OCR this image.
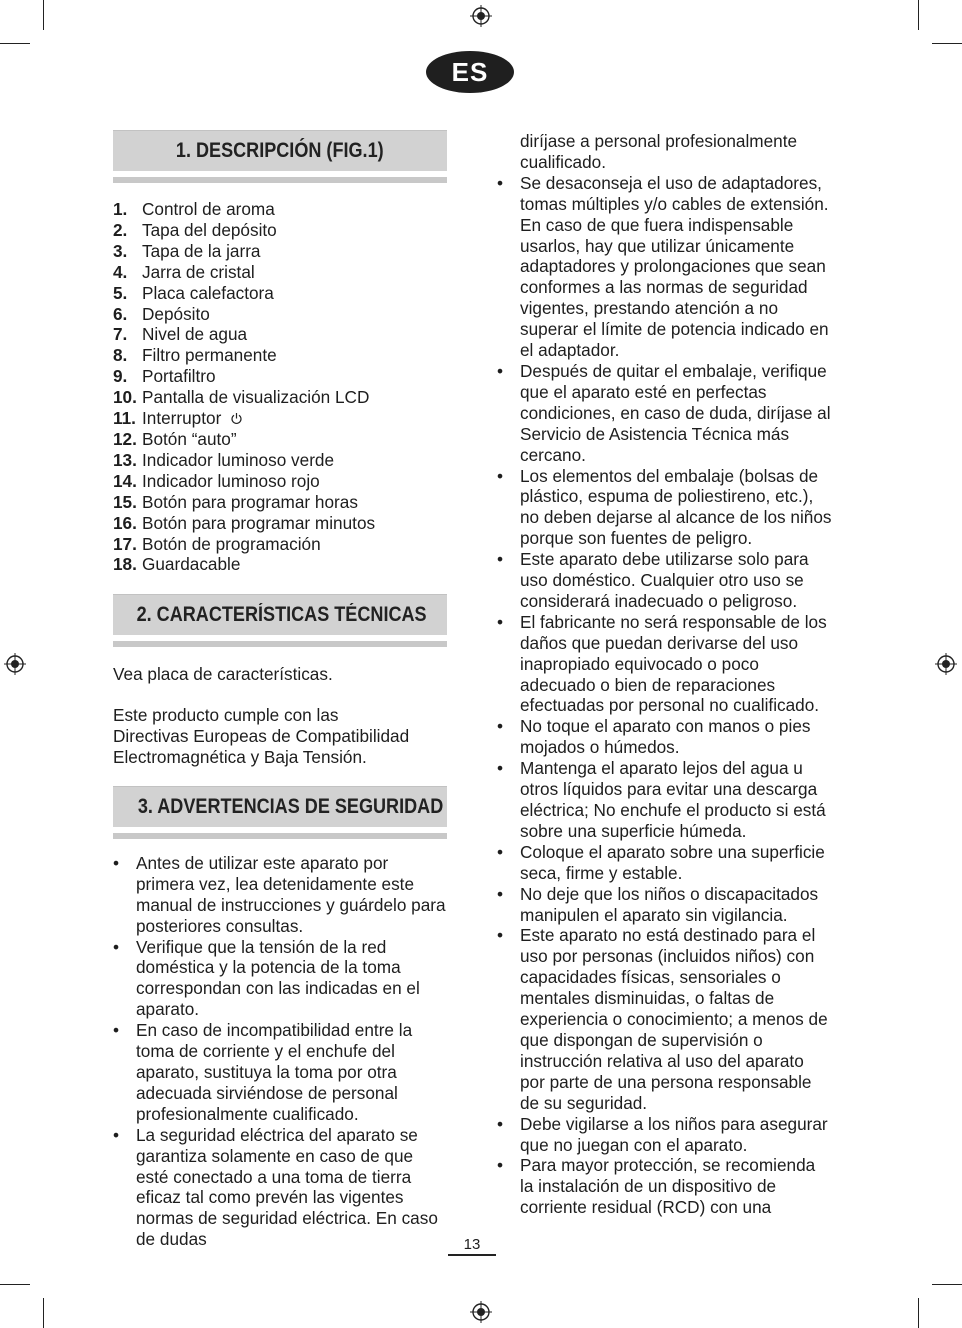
ES
1. DESCRIPCIÓN (FIG.1)
1. Control de aroma
2. Tapa del depósito
3. Tapa de la jarra
4. Jarra de cristal
5. Placa calefactora
6. Depósito
7. Nivel de agua
8. Filtro permanente
9. Portafiltro
10. Pantalla de visualización LCD
11. Interruptor
12. Botón “auto”
13. Indicador luminoso verde
14. Indicador luminoso rojo
15. Botón para programar horas
16. Botón para programar minutos
17. Botón de programación
18. Guardacable
2. CARACTERÍSTICAS TÉCNICAS

Vea placa de características.

Este producto cumple con las Directivas Europeas de Compatibilidad Electromagnética y Baja Tensión.

3. ADVERTENCIAS DE SEGURIDAD
• Antes de utilizar este aparato por primera vez, lea detenidamente este manual de instrucciones y guárdelo para posteriores consultas.
• Verifique que la tensión de la red doméstica y la potencia de la toma correspondan con las indicadas en el aparato.
• En caso de incompatibilidad entre la toma de corriente y el enchufe del aparato, sustituya la toma por otra adecuada sirviéndose de personal profesionalmente cualificado.
• La seguridad eléctrica del aparato se garantiza solamente en caso de que esté conectado a una toma de tierra eficaz tal como prevén las vigentes normas de seguridad eléctrica. En caso de dudas
diríjase a personal profesionalmente cualificado.
• Se desaconseja el uso de adaptadores, tomas múltiples y/o cables de extensión. En caso de que fuera indispensable usarlos, hay que utilizar únicamente adaptadores y prolongaciones que sean conformes a las normas de seguridad vigentes, prestando atención a no superar el límite de potencia indicado en el adaptador.
• Después de quitar el embalaje, verifique que el aparato esté en perfectas condiciones, en caso de duda, diríjase al Servicio de Asistencia Técnica más cercano.
• Los elementos del embalaje (bolsas de plástico, espuma de poliestireno, etc.), no deben dejarse al alcance de los niños porque son fuentes de peligro.
• Este aparato debe utilizarse solo para uso doméstico. Cualquier otro uso se considerará inadecuado o peligroso.
• El fabricante no será responsable de los daños que puedan derivarse del uso inapropiado equivocado o poco adecuado o bien de reparaciones efectuadas por personal no cualificado.
• No toque el aparato con manos o pies mojados o húmedos.
• Mantenga el aparato lejos del agua u otros líquidos para evitar una descarga eléctrica; No enchufe el producto si está sobre una superficie húmeda.
• Coloque el aparato sobre una superficie seca, firme y estable.
• No deje que los niños o discapacitados manipulen el aparato sin vigilancia.
• Este aparato no está destinado para el uso por personas (incluidos niños) con capacidades físicas, sensoriales o mentales disminuidas, o faltas de experiencia o conocimiento; a menos de que dispongan de supervisión o instrucción relativa al uso del aparato por parte de una persona responsable de su seguridad.
• Debe vigilarse a los niños para asegurar que no juegan con el aparato.
• Para mayor protección, se recomienda la instalación de un dispositivo de corriente residual (RCD) con una
13
